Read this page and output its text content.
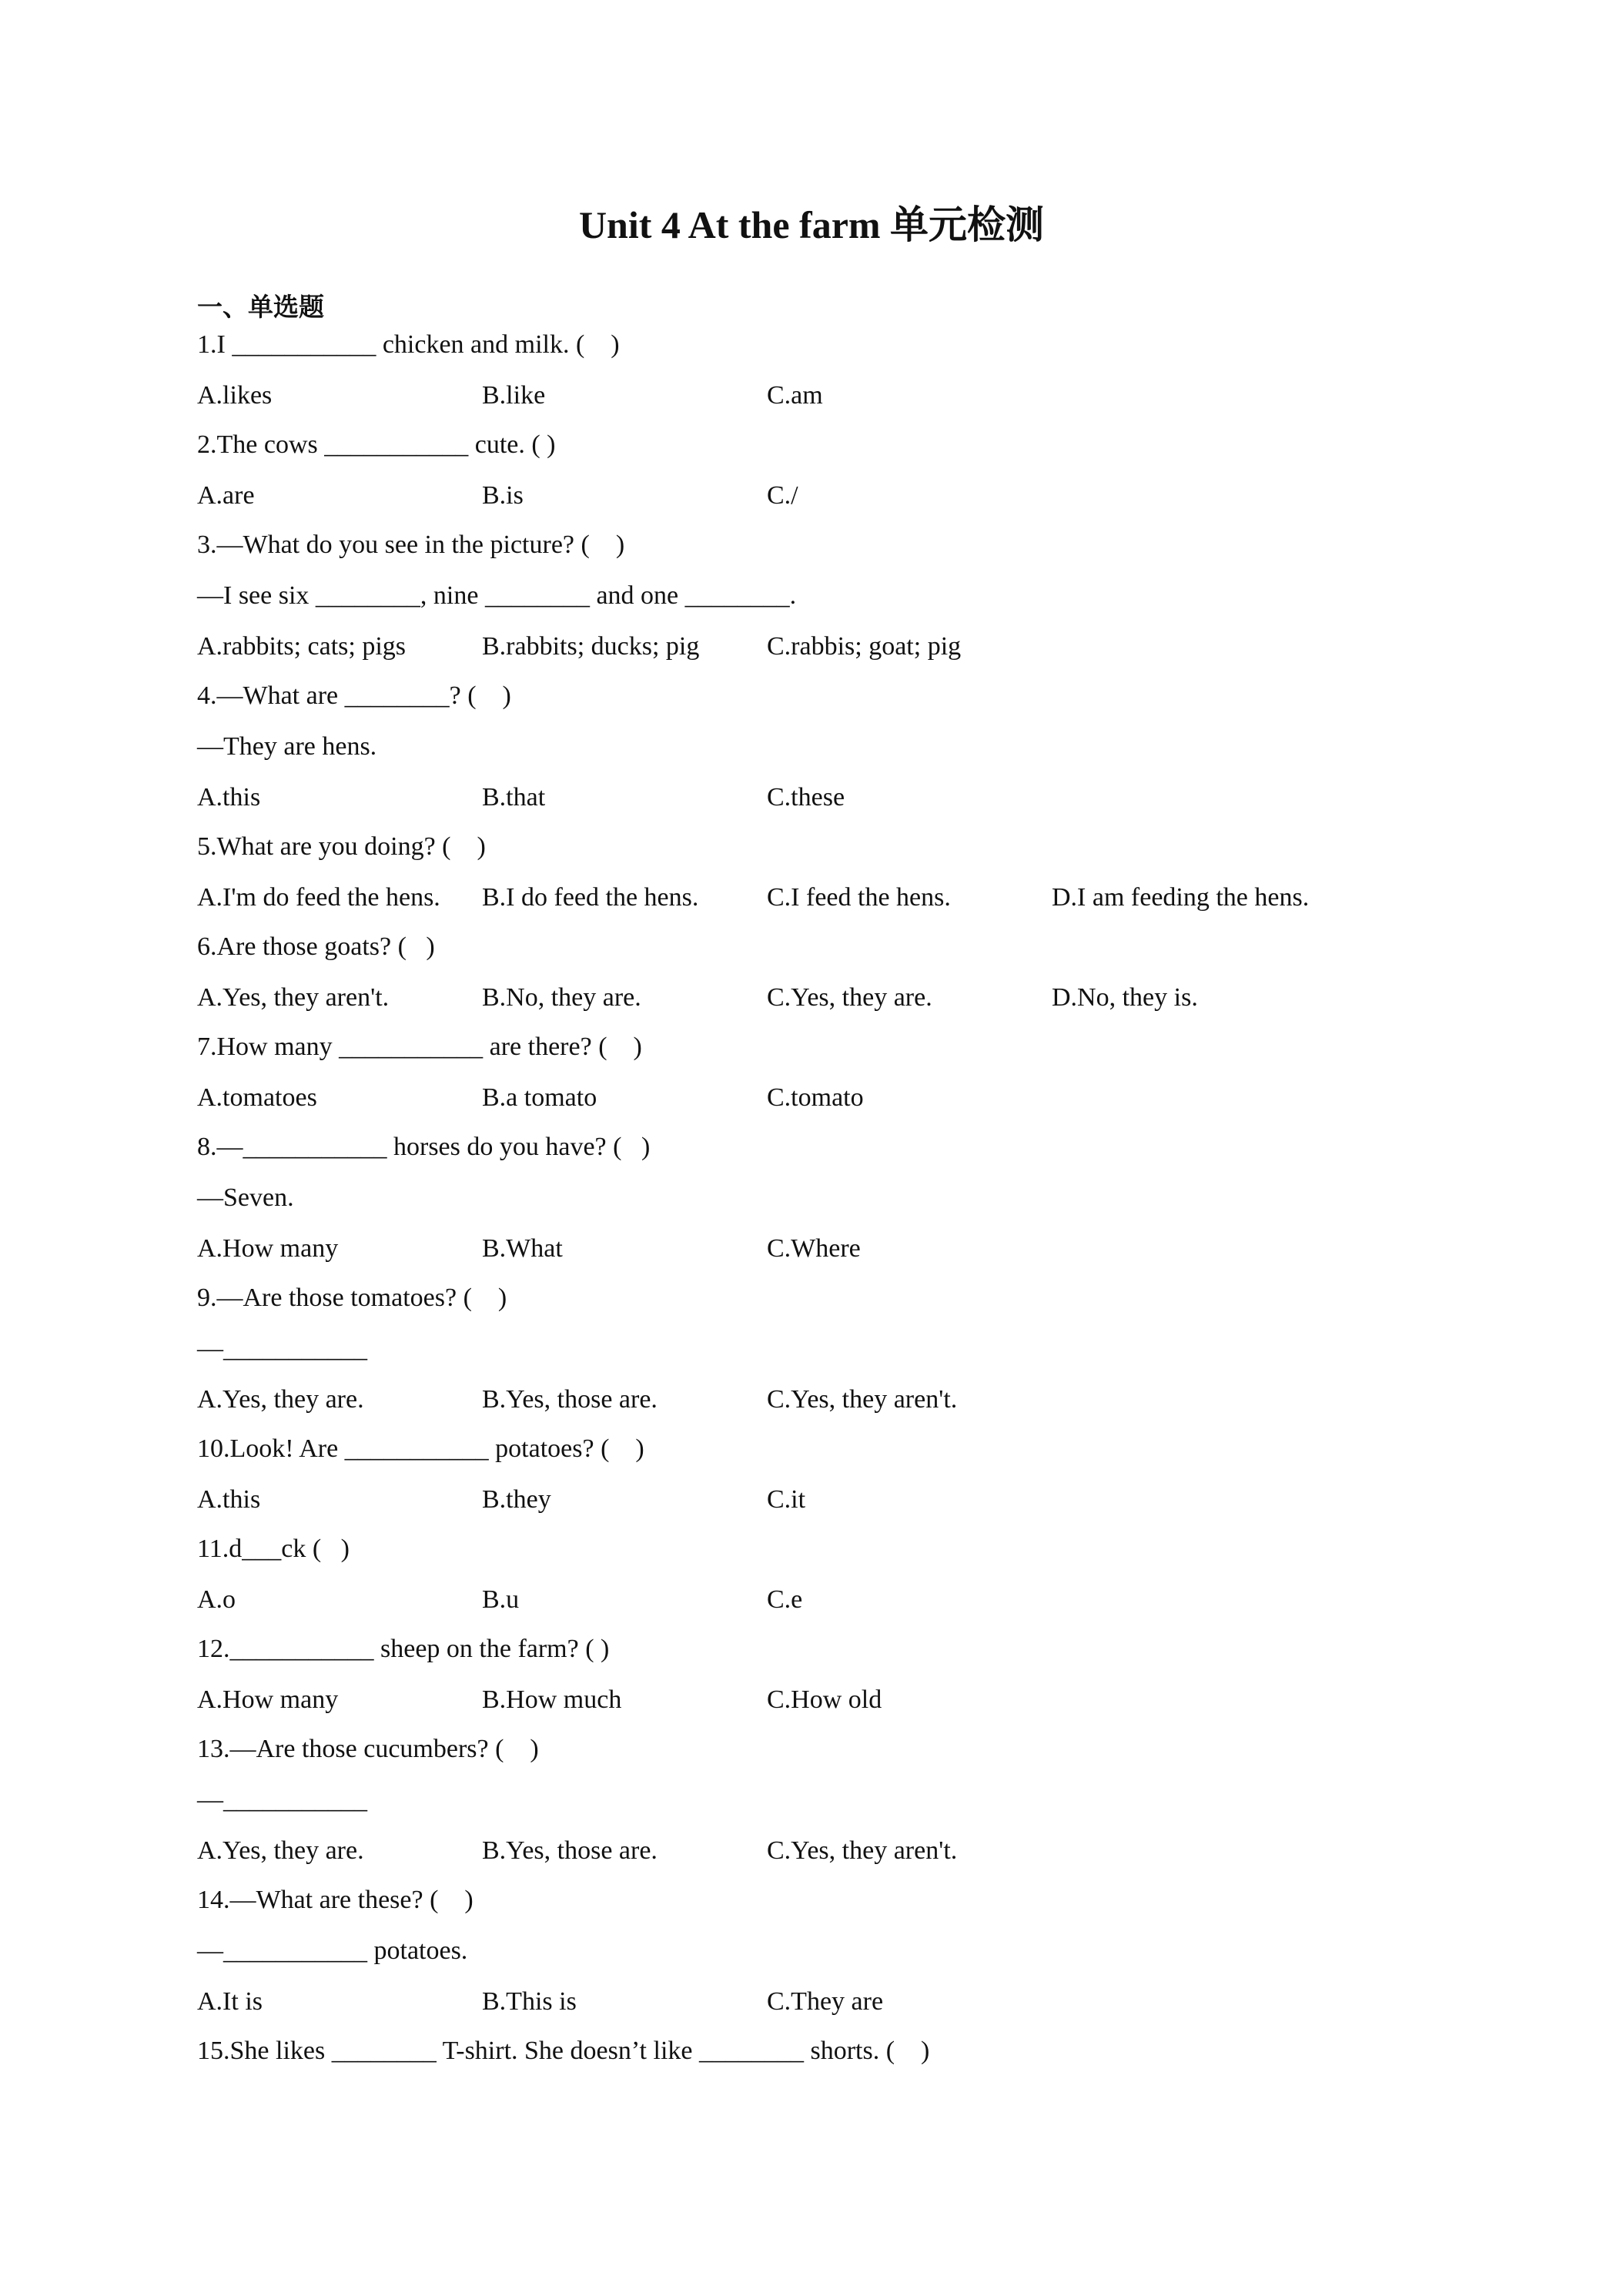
Unit 4 At the farm 单元检测
一、单选题
1.I ___________ chicken and milk. (    )
A.likes	B.like	C.am
2.The cows ___________ cute. ( )
A.are	B.is	C./
3.—What do you see in the picture? (    )
—I see six ________, nine ________ and one ________.
A.rabbits; cats; pigs	B.rabbits; ducks; pig	C.rabbis; goat; pig
4.—What are ________? (    )
—They are hens.
A.this	B.that	C.these
5.What are you doing? (    )
A.I'm do feed the hens. B.I do feed the hens.	C.I feed the hens.	D.I am feeding the hens.
6.Are those goats? (   )
A.Yes, they aren't.	B.No, they are.	C.Yes, they are.	D.No, they is.
7.How many ___________ are there? (    )
A.tomatoes	B.a tomato	C.tomato
8.—___________ horses do you have? (   )
—Seven.
A.How many	B.What	C.Where
9.—Are those tomatoes? (    )
—___________
A.Yes, they are.	B.Yes, those are.	C.Yes, they aren't.
10.Look! Are ___________ potatoes? (    )
A.this	B.they	C.it
11.d___ck (   )
A.o	B.u	C.e
12.___________ sheep on the farm? ( )
A.How many	B.How much	C.How old
13.—Are those cucumbers? (    )
—___________
A.Yes, they are.	B.Yes, those are.	C.Yes, they aren't.
14.—What are these? (    )
—___________ potatoes.
A.It is	B.This is	C.They are
15.She likes ________ T-shirt. She doesn’t like ________ shorts. (    )
